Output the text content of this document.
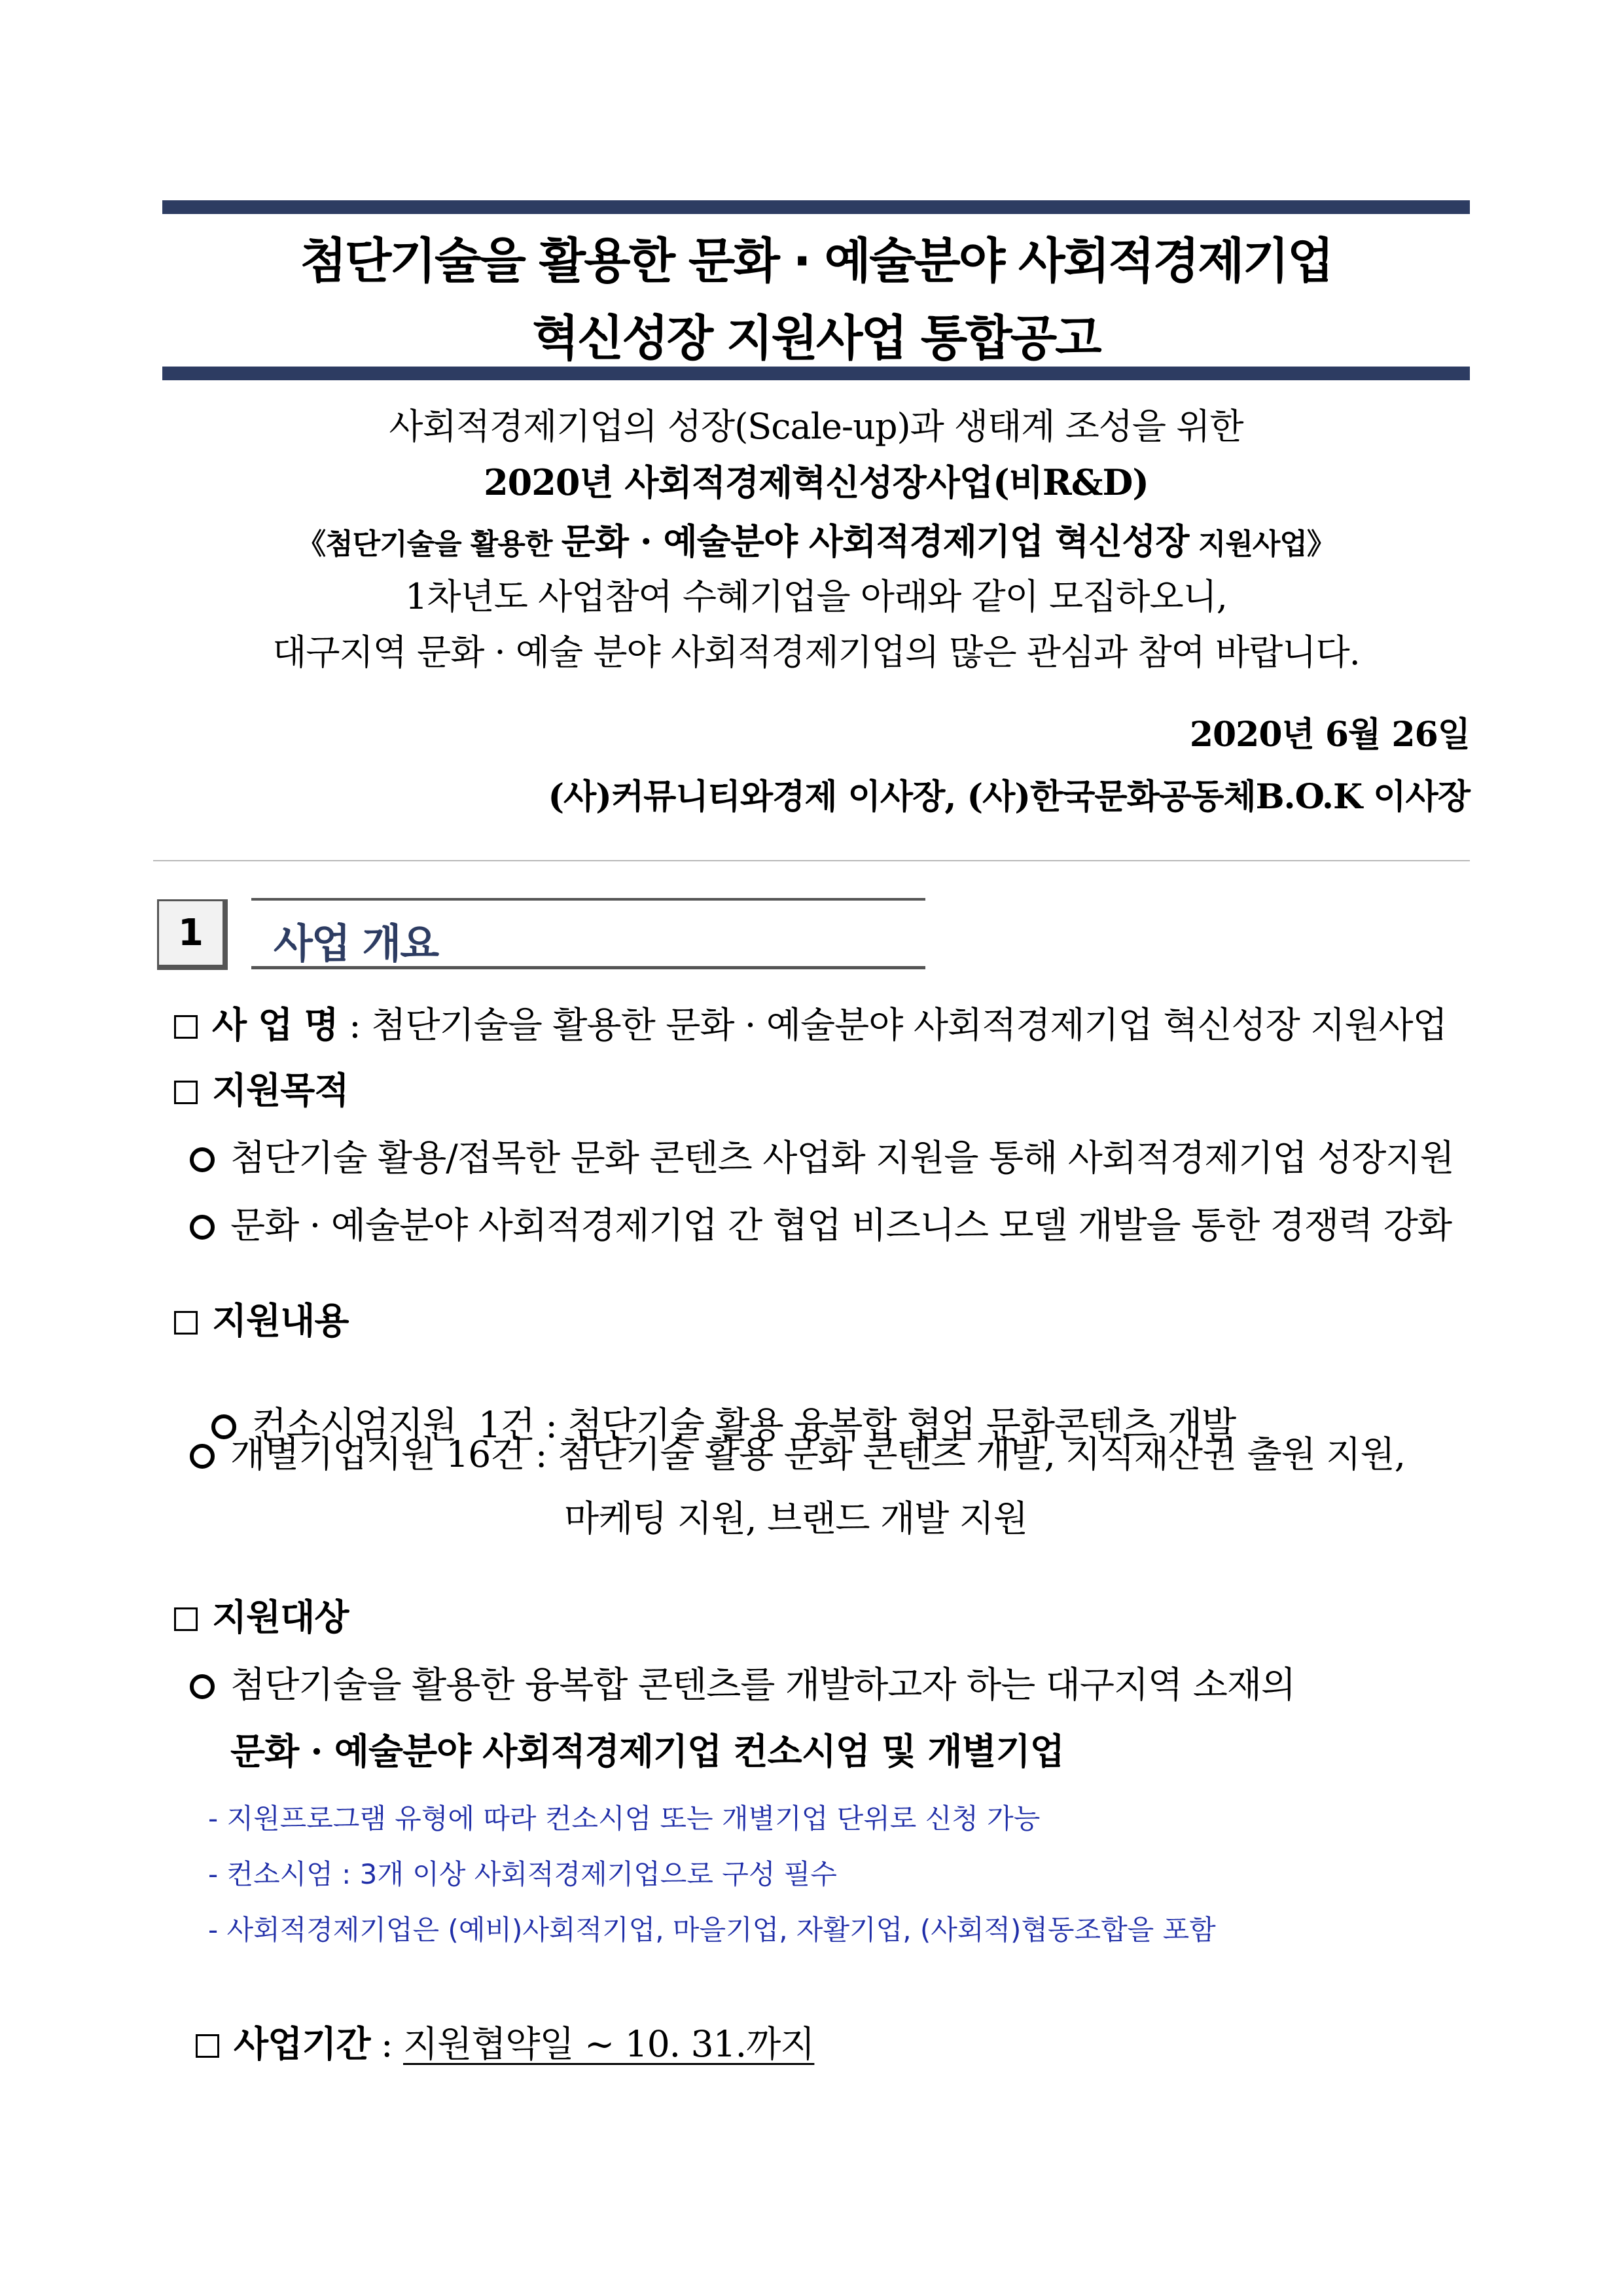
첨단기술을 활용한 문화 · 예술분야 사회적경제기업
혁신성장 지원사업 통합공고
사회적경제기업의 성장(Scale-up)과 생태계 조성을 위한
2020년 사회적경제혁신성장사업(비R&D)
《첨단기술을 활용한 문화 · 예술분야 사회적경제기업 혁신성장 지원사업》
1차년도 사업참여 수혜기업을 아래와 같이 모집하오니,
대구지역 문화 · 예술 분야 사회적경제기업의 많은 관심과 참여 바랍니다.
2020년 6월 26일
(사)커뮤니티와경제 이사장, (사)한국문화공동체B.O.K 이사장
1	사업 개요
사 업 명 : 첨단기술을 활용한 문화 · 예술분야 사회적경제기업 혁신성장 지원사업
지원목적
첨단기술 활용/접목한 문화 콘텐츠 사업화 지원을 통해 사회적경제기업 성장지원
문화 · 예술분야 사회적경제기업 간 협업 비즈니스 모델 개발을 통한 경쟁력 강화
지원내용

컨소시엄지원  1건 : 첨단기술 활용 융복합 협업 문화콘텐츠 개발

개별기업지원 16건 : 첨단기술 활용 문화 콘텐츠 개발, 지식재산권 출원 지원,
마케팅 지원, 브랜드 개발 지원
지원대상
첨단기술을 활용한 융복합 콘텐츠를 개발하고자 하는 대구지역 소재의
문화 · 예술분야 사회적경제기업 컨소시엄 및 개별기업
- 지원프로그램 유형에 따라 컨소시엄 또는 개별기업 단위로 신청 가능
- 컨소시엄 : 3개 이상 사회적경제기업으로 구성 필수
- 사회적경제기업은 (예비)사회적기업, 마을기업, 자활기업, (사회적)협동조합을 포함

사업기간 : 지원협약일 ~ 10. 31.까지
